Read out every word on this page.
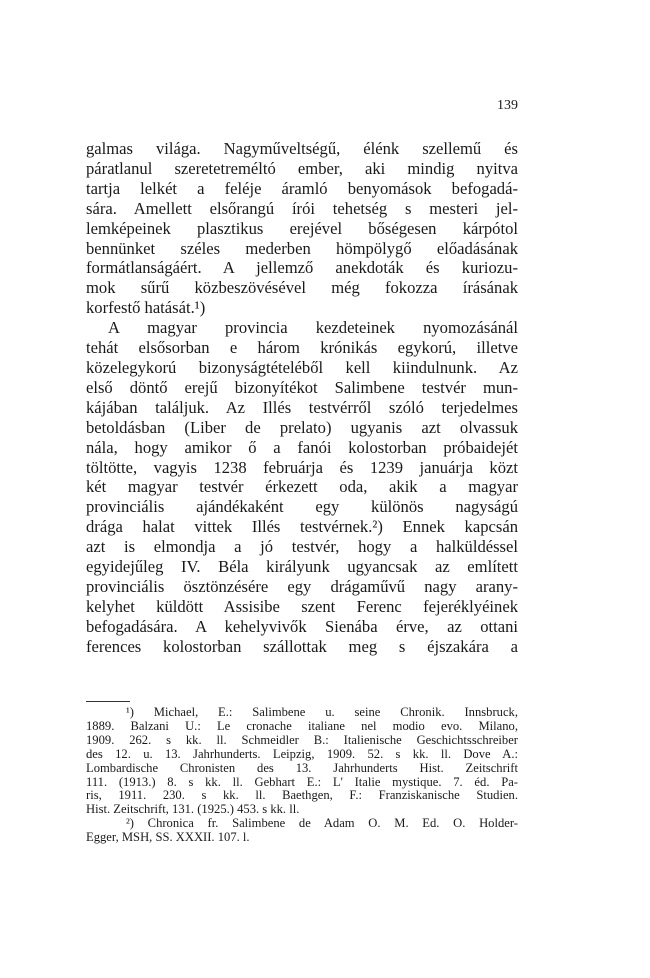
139
galmas világa. Nagyműveltségű, élénk szellemű és
páratlanul szeretetreméltó ember, aki mindig nyitva
tartja lelkét a feléje áramló benyomások befogadá-
sára. Amellett elsőrangú írói tehetség s mesteri jel-
lemképeinek plasztikus erejével bőségesen kárpótol
bennünket széles mederben hömpölygő előadásának
formátlanságáért. A jellemző anekdoták és kuriozu-
mok sűrű közbeszövésével még fokozza írásának
korfestő hatását.¹)
A magyar provincia kezdeteinek nyomozásánál
tehát elsősorban e három krónikás egykorú, illetve
közelegykorú bizonyságtételéből kell kiindulnunk. Az
első döntő erejű bizonyítékot Salimbene testvér mun-
kájában találjuk. Az Illés testvérről szóló terjedelmes
betoldásban (Liber de prelato) ugyanis azt olvassuk
nála, hogy amikor ő a fanói kolostorban próbaidejét
töltötte, vagyis 1238 februárja és 1239 januárja közt
két magyar testvér érkezett oda, akik a magyar
provinciális ajándékaként egy különös nagyságú
drága halat vittek Illés testvérnek.²) Ennek kapcsán
azt is elmondja a jó testvér, hogy a halküldéssel
egyidejűleg IV. Béla királyunk ugyancsak az említett
provinciális ösztönzésére egy drágaművű nagy arany-
kelyhet küldött Assisibe szent Ferenc fejeréklyéinek
befogadására. A kehelyvivők Sienába érve, az ottani
ferences kolostorban szállottak meg s éjszakára a
¹) Michael, E.: Salimbene u. seine Chronik. Innsbruck,
1889. Balzani U.: Le cronache italiane nel modio evo. Milano,
1909. 262. s kk. ll. Schmeidler B.: Italienische Geschichtsschreiber
des 12. u. 13. Jahrhunderts. Leipzig, 1909. 52. s kk. ll. Dove A.:
Lombardische Chronisten des 13. Jahrhunderts Hist. Zeitschrift
111. (1913.) 8. s kk. ll. Gebhart E.: L' Italie mystique. 7. éd. Pa-
ris, 1911. 230. s kk. ll. Baethgen, F.: Franziskanische Studien.
Hist. Zeitschrift, 131. (1925.) 453. s kk. ll.
²) Chronica fr. Salimbene de Adam O. M. Ed. O. Holder-
Egger, MSH, SS. XXXII. 107. l.
